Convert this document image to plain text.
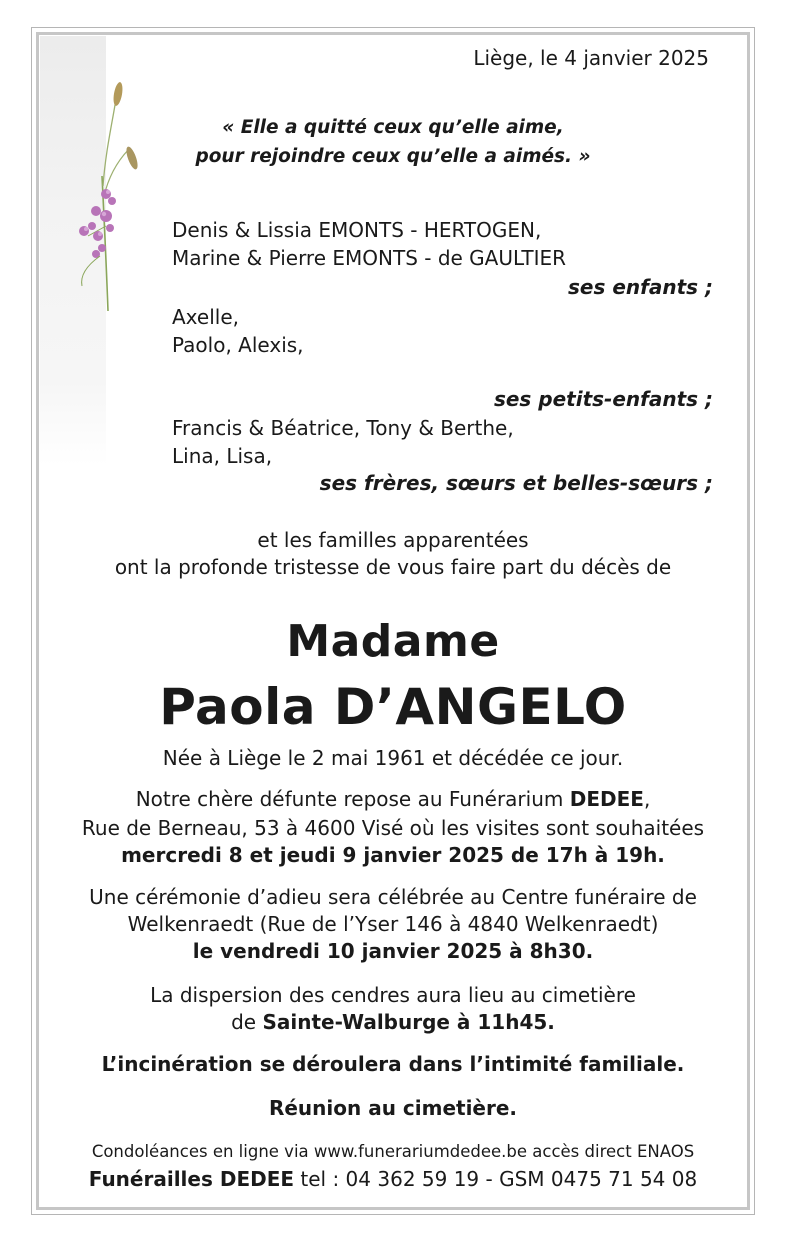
Liège, le 4 janvier 2025
« Elle a quitté ceux qu’elle aime,
pour rejoindre ceux qu’elle a aimés. »
Denis & Lissia EMONTS - HERTOGEN,
Marine & Pierre EMONTS - de GAULTIER
ses enfants ;
Axelle,
Paolo, Alexis,
ses petits-enfants ;
Francis & Béatrice, Tony & Berthe,
Lina, Lisa,
ses frères, sœurs et belles-sœurs ;
et les familles apparentées
ont la profonde tristesse de vous faire part du décès de
Madame
Paola D’ANGELO
Née à Liège le 2 mai 1961 et décédée ce jour.
Notre chère défunte repose au Funérarium DEDEE,
Rue de Berneau, 53 à 4600 Visé où les visites sont souhaitées
mercredi 8 et jeudi 9 janvier 2025 de 17h à 19h.
Une cérémonie d’adieu sera célébrée au Centre funéraire de
Welkenraedt (Rue de l’Yser 146 à 4840 Welkenraedt)
le vendredi 10 janvier 2025 à 8h30.
La dispersion des cendres aura lieu au cimetière
de Sainte-Walburge à 11h45.
L’incinération se déroulera dans l’intimité familiale.
Réunion au cimetière.
Condoléances en ligne via www.funerariumdedee.be accès direct ENAOS
Funérailles DEDEE tel : 04 362 59 19 - GSM 0475 71 54 08
